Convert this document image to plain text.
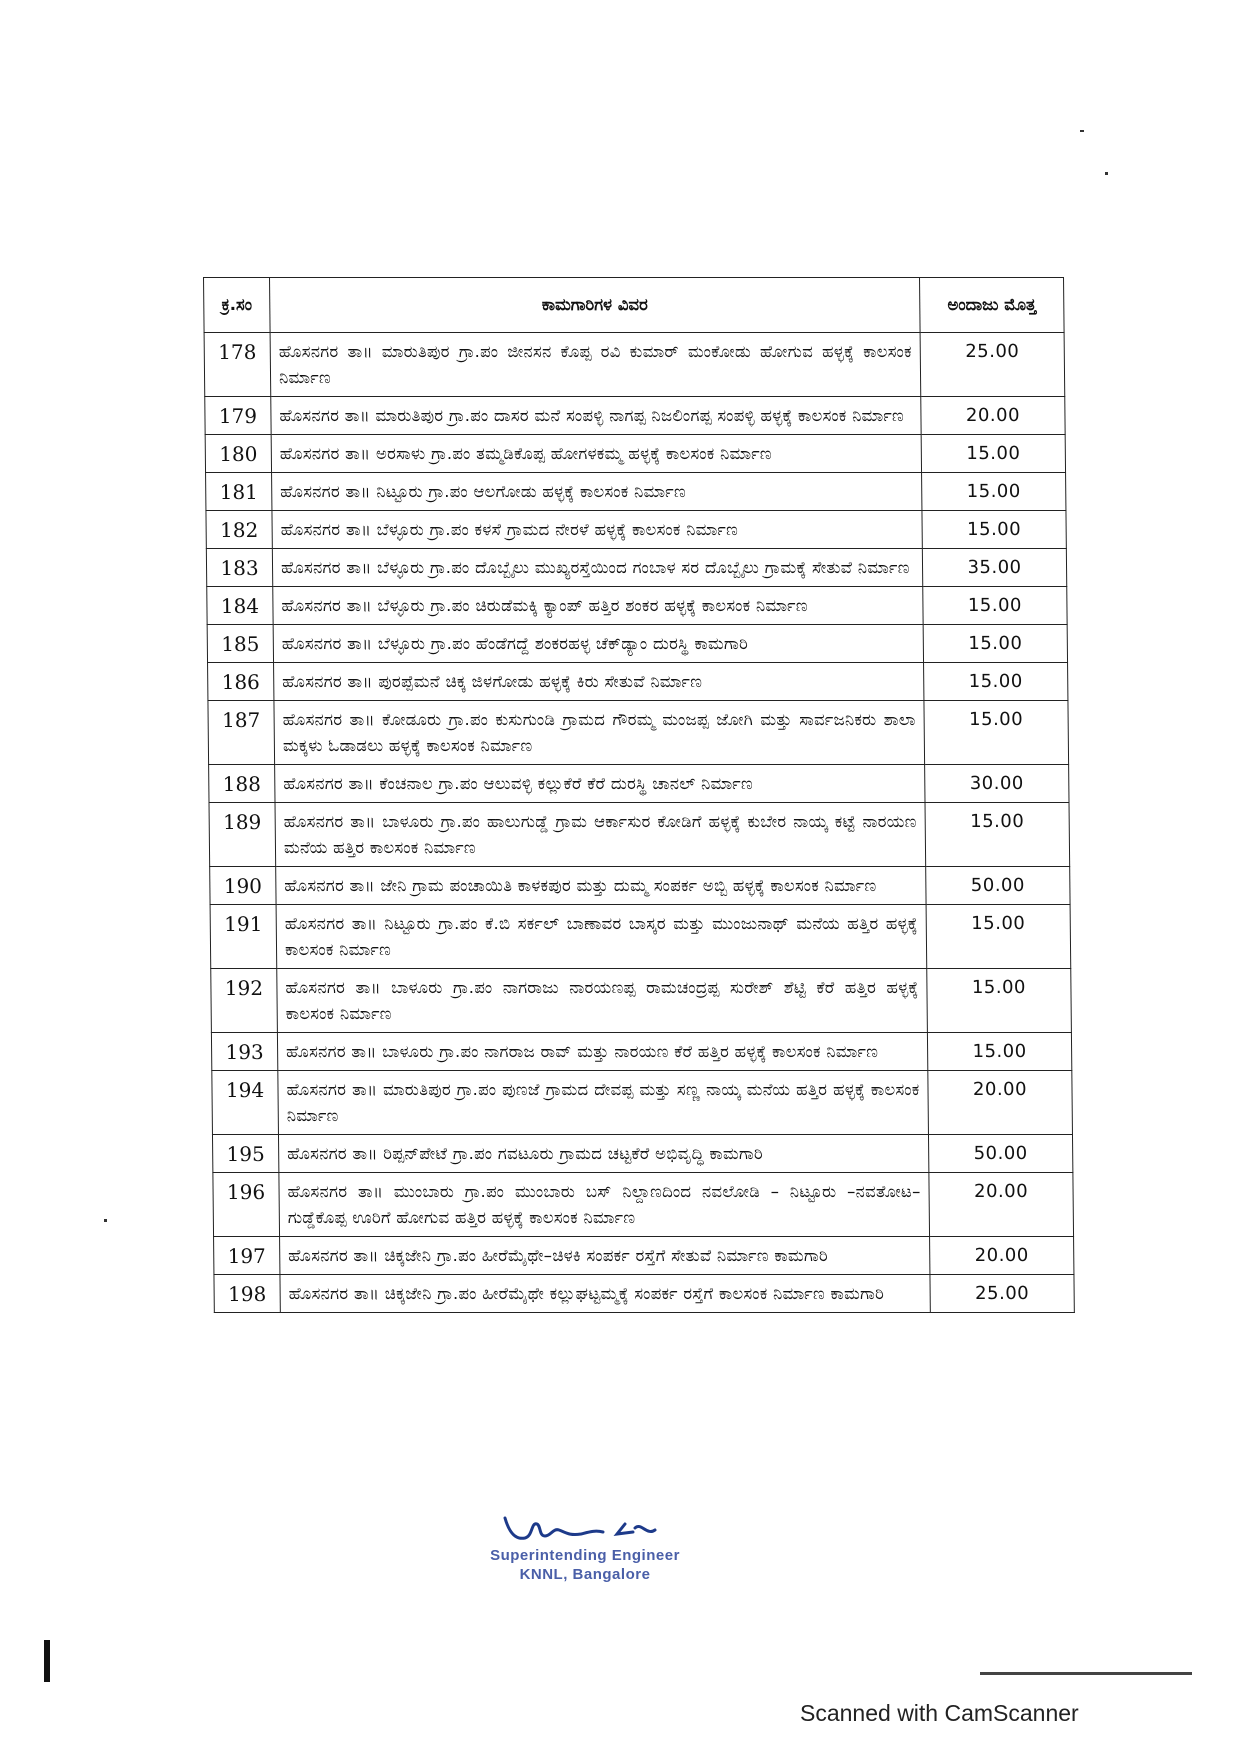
ಕ್ರ.ಸಂ	ಕಾಮಗಾರಿಗಳ ವಿವರ	ಅಂದಾಜು ಮೊತ್ತ
178	ಹೊಸನಗರ ತಾ॥ ಮಾರುತಿಪುರ ಗ್ರಾ.ಪಂ ಜೀನಸನ ಕೊಪ್ಪ ರವಿ ಕುಮಾರ್ ಮಂಕೋಡು ಹೋಗುವ ಹಳ್ಳಕ್ಕೆ ಕಾಲಸಂಕ ನಿರ್ಮಾಣ	25.00
179	ಹೊಸನಗರ ತಾ॥ ಮಾರುತಿಪುರ ಗ್ರಾ.ಪಂ ದಾಸರ ಮನೆ ಸಂಪಳ್ಳಿ ನಾಗಪ್ಪ ನಿಜಲಿಂಗಪ್ಪ ಸಂಪಳ್ಳಿ ಹಳ್ಳಕ್ಕೆ ಕಾಲಸಂಕ ನಿರ್ಮಾಣ	20.00
180	ಹೊಸನಗರ ತಾ॥ ಅರಸಾಳು ಗ್ರಾ.ಪಂ ತಮ್ಮಡಿಕೊಪ್ಪ ಹೋಗಳಕಮ್ಮ ಹಳ್ಳಕ್ಕೆ ಕಾಲಸಂಕ ನಿರ್ಮಾಣ	15.00
181	ಹೊಸನಗರ ತಾ॥ ನಿಟ್ಟೂರು ಗ್ರಾ.ಪಂ ಆಲಗೋಡು ಹಳ್ಳಕ್ಕೆ ಕಾಲಸಂಕ ನಿರ್ಮಾಣ	15.00
182	ಹೊಸನಗರ ತಾ॥ ಬೆಳ್ಳೂರು ಗ್ರಾ.ಪಂ ಕಳಸೆ ಗ್ರಾಮದ ನೇರಳೆ ಹಳ್ಳಕ್ಕೆ ಕಾಲಸಂಕ ನಿರ್ಮಾಣ	15.00
183	ಹೊಸನಗರ ತಾ॥ ಬೆಳ್ಳೂರು ಗ್ರಾ.ಪಂ ದೊಬ್ಬೈಲು ಮುಖ್ಯರಸ್ತೆಯಿಂದ ಗಂಬಾಳ ಸರ ದೊಬ್ಬೈಲು ಗ್ರಾಮಕ್ಕೆ ಸೇತುವೆ ನಿರ್ಮಾಣ	35.00
184	ಹೊಸನಗರ ತಾ॥ ಬೆಳ್ಳೂರು ಗ್ರಾ.ಪಂ ಚಿರುಡೆಮಕ್ಕಿ ಕ್ಯಾಂಪ್ ಹತ್ತಿರ ಶಂಕರ ಹಳ್ಳಕ್ಕೆ ಕಾಲಸಂಕ ನಿರ್ಮಾಣ	15.00
185	ಹೊಸನಗರ ತಾ॥ ಬೆಳ್ಳೂರು ಗ್ರಾ.ಪಂ ಹೆಂಡೆಗದ್ದೆ ಶಂಕರಹಳ್ಳ ಚೆಕ್‌ಡ್ಯಾಂ ದುರಸ್ಥಿ ಕಾಮಗಾರಿ	15.00
186	ಹೊಸನಗರ ತಾ॥ ಪುರಪ್ಪೆಮನೆ ಚಿಕ್ಕ ಜಿಳಗೋಡು ಹಳ್ಳಕ್ಕೆ ಕಿರು ಸೇತುವೆ ನಿರ್ಮಾಣ	15.00
187	ಹೊಸನಗರ ತಾ॥ ಕೋಡೂರು ಗ್ರಾ.ಪಂ ಕುಸುಗುಂಡಿ ಗ್ರಾಮದ ಗೌರಮ್ಮ ಮಂಜಪ್ಪ ಜೋಗಿ ಮತ್ತು ಸಾರ್ವಜನಿಕರು ಶಾಲಾ ಮಕ್ಕಳು ಓಡಾಡಲು ಹಳ್ಳಕ್ಕೆ ಕಾಲಸಂಕ ನಿರ್ಮಾಣ	15.00
188	ಹೊಸನಗರ ತಾ॥ ಕೆಂಚನಾಲ ಗ್ರಾ.ಪಂ ಆಲುವಳ್ಳಿ ಕಲ್ಲುಕೆರೆ ಕೆರೆ ದುರಸ್ಥಿ ಚಾನಲ್ ನಿರ್ಮಾಣ	30.00
189	ಹೊಸನಗರ ತಾ॥ ಬಾಳೂರು ಗ್ರಾ.ಪಂ ಹಾಲುಗುಡ್ಡೆ ಗ್ರಾಮ ಆರ್ಕಾಸುರ ಕೋಡಿಗೆ ಹಳ್ಳಕ್ಕೆ ಕುಬೇರ ನಾಯ್ಕ ಕಟ್ಟೆ ನಾರಯಣ ಮನೆಯ ಹತ್ತಿರ ಕಾಲಸಂಕ ನಿರ್ಮಾಣ	15.00
190	ಹೊಸನಗರ ತಾ॥ ಜೇನಿ ಗ್ರಾಮ ಪಂಚಾಯಿತಿ ಕಾಳಕಪುರ ಮತ್ತು ದುಮ್ಮ ಸಂಪರ್ಕ ಅಬ್ಬಿ ಹಳ್ಳಕ್ಕೆ ಕಾಲಸಂಕ ನಿರ್ಮಾಣ	50.00
191	ಹೊಸನಗರ ತಾ॥ ನಿಟ್ಟೂರು ಗ್ರಾ.ಪಂ ಕೆ.ಬಿ ಸರ್ಕಲ್ ಬಾಣಾವರ ಬಾಸ್ಕರ ಮತ್ತು ಮುಂಜುನಾಥ್ ಮನೆಯ ಹತ್ತಿರ ಹಳ್ಳಕ್ಕೆ ಕಾಲಸಂಕ ನಿರ್ಮಾಣ	15.00
192	ಹೊಸನಗರ ತಾ॥ ಬಾಳೂರು ಗ್ರಾ.ಪಂ ನಾಗರಾಜು ನಾರಯಣಪ್ಪ ರಾಮಚಂದ್ರಪ್ಪ ಸುರೇಶ್ ಶೆಟ್ಟಿ ಕೆರೆ ಹತ್ತಿರ ಹಳ್ಳಕ್ಕೆ ಕಾಲಸಂಕ ನಿರ್ಮಾಣ	15.00
193	ಹೊಸನಗರ ತಾ॥ ಬಾಳೂರು ಗ್ರಾ.ಪಂ ನಾಗರಾಜ ರಾವ್ ಮತ್ತು ನಾರಯಣ ಕೆರೆ ಹತ್ತಿರ ಹಳ್ಳಕ್ಕೆ ಕಾಲಸಂಕ ನಿರ್ಮಾಣ	15.00
194	ಹೊಸನಗರ ತಾ॥ ಮಾರುತಿಪುರ ಗ್ರಾ.ಪಂ ಪುಣಜೆ ಗ್ರಾಮದ ದೇವಪ್ಪ ಮತ್ತು ಸಣ್ಣ ನಾಯ್ಕ ಮನೆಯ ಹತ್ತಿರ ಹಳ್ಳಕ್ಕೆ ಕಾಲಸಂಕ ನಿರ್ಮಾಣ	20.00
195	ಹೊಸನಗರ ತಾ॥ ರಿಪ್ಪನ್‌ಪೇಟೆ ಗ್ರಾ.ಪಂ ಗವಟೂರು ಗ್ರಾಮದ ಚಟ್ಟಕೆರೆ ಅಭಿವೃದ್ಧಿ ಕಾಮಗಾರಿ	50.00
196	ಹೊಸನಗರ ತಾ॥ ಮುಂಬಾರು ಗ್ರಾ.ಪಂ ಮುಂಬಾರು ಬಸ್ ನಿಲ್ದಾಣದಿಂದ ನವಲೋಡಿ – ನಿಟ್ಟೂರು –ನವತೋಟ– ಗುಡ್ಡೆಕೊಪ್ಪ ಊರಿಗೆ ಹೋಗುವ ಹತ್ತಿರ ಹಳ್ಳಕ್ಕೆ ಕಾಲಸಂಕ ನಿರ್ಮಾಣ	20.00
197	ಹೊಸನಗರ ತಾ॥ ಚಿಕ್ಕಜೇನಿ ಗ್ರಾ.ಪಂ ಹೀರೆಮೈಥೇ–ಚಿಳಕಿ ಸಂಪರ್ಕ ರಸ್ತೆಗೆ ಸೇತುವೆ ನಿರ್ಮಾಣ ಕಾಮಗಾರಿ	20.00
198	ಹೊಸನಗರ ತಾ॥ ಚಿಕ್ಕಜೇನಿ ಗ್ರಾ.ಪಂ ಹೀರೆಮೈಥೇ ಕಲ್ಲುಘಟ್ಟಮ್ಮಕ್ಕೆ ಸಂಪರ್ಕ ರಸ್ತೆಗೆ ಕಾಲಸಂಕ ನಿರ್ಮಾಣ ಕಾಮಗಾರಿ	25.00
Superintending Engineer
KNNL, Bangalore
Scanned with CamScanner
